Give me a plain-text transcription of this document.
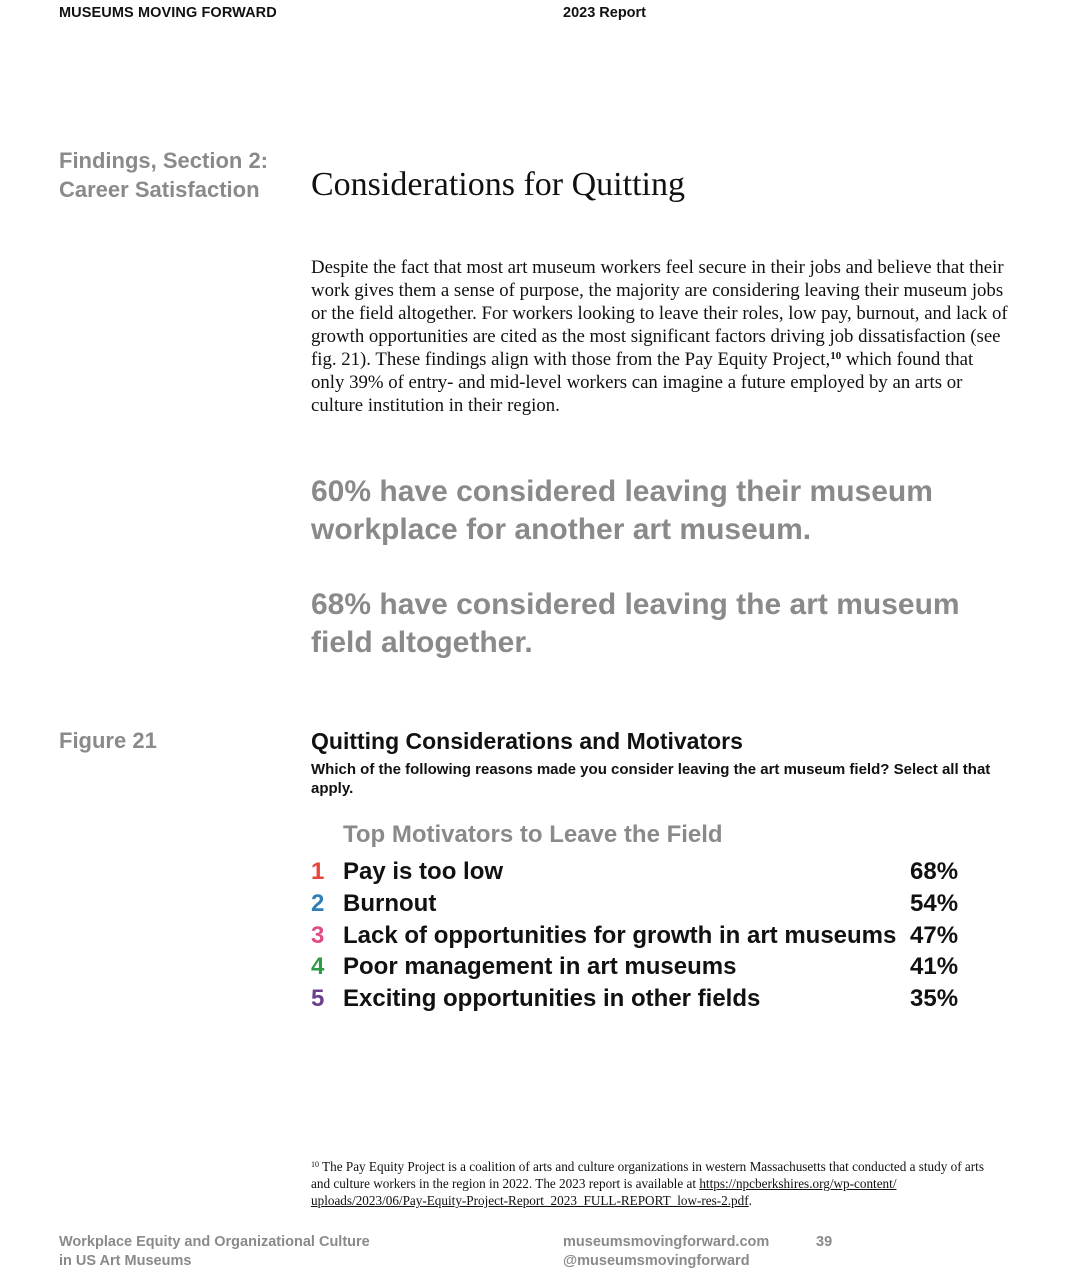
MUSEUMS MOVING FORWARD	2023 Report
Findings, Section 2:
Career Satisfaction Considerations for Quitting

Despite the fact that most art museum workers feel secure in their jobs and believe that their work gives them a sense of purpose, the majority are considering leaving their museum jobs or the field altogether. For workers looking to leave their roles, low pay, burnout, and lack of growth opportunities are cited as the most significant factors driving job dissatisfaction (see fig. 21). These findings align with those from the Pay Equity Project,$^{10}$ which found that only 39% of entry- and mid-level workers can imagine a future employed by an arts or culture institution in their region.

60% have considered leaving their museum workplace for another art museum.
68% have considered leaving the art museum field altogether.
Figure 21	Quitting Considerations and Motivators
Which of the following reasons made you consider leaving the art museum field? Select all that apply.
Top Motivators to Leave the Field
1 Pay is too low	68%
2 Burnout	54%
3 Lack of opportunities for growth in art museums 47%
4 Poor management in art museums	41%
5 Exciting opportunities in other fields	35%

$^{10}$ The Pay Equity Project is a coalition of arts and culture organizations in western Massachusetts that conducted a study of arts and culture workers in the region in 2022. The 2023 report is available at https://npcberkshires.org/wp-content/
uploads/2023/06/Pay-Equity-Project-Report_2023_FULL-REPORT_low-res-2.pdf.

Workplace Equity and Organizational Culture
in US Art Museums
museumsmovingforward.com
@museumsmovingforward
39
